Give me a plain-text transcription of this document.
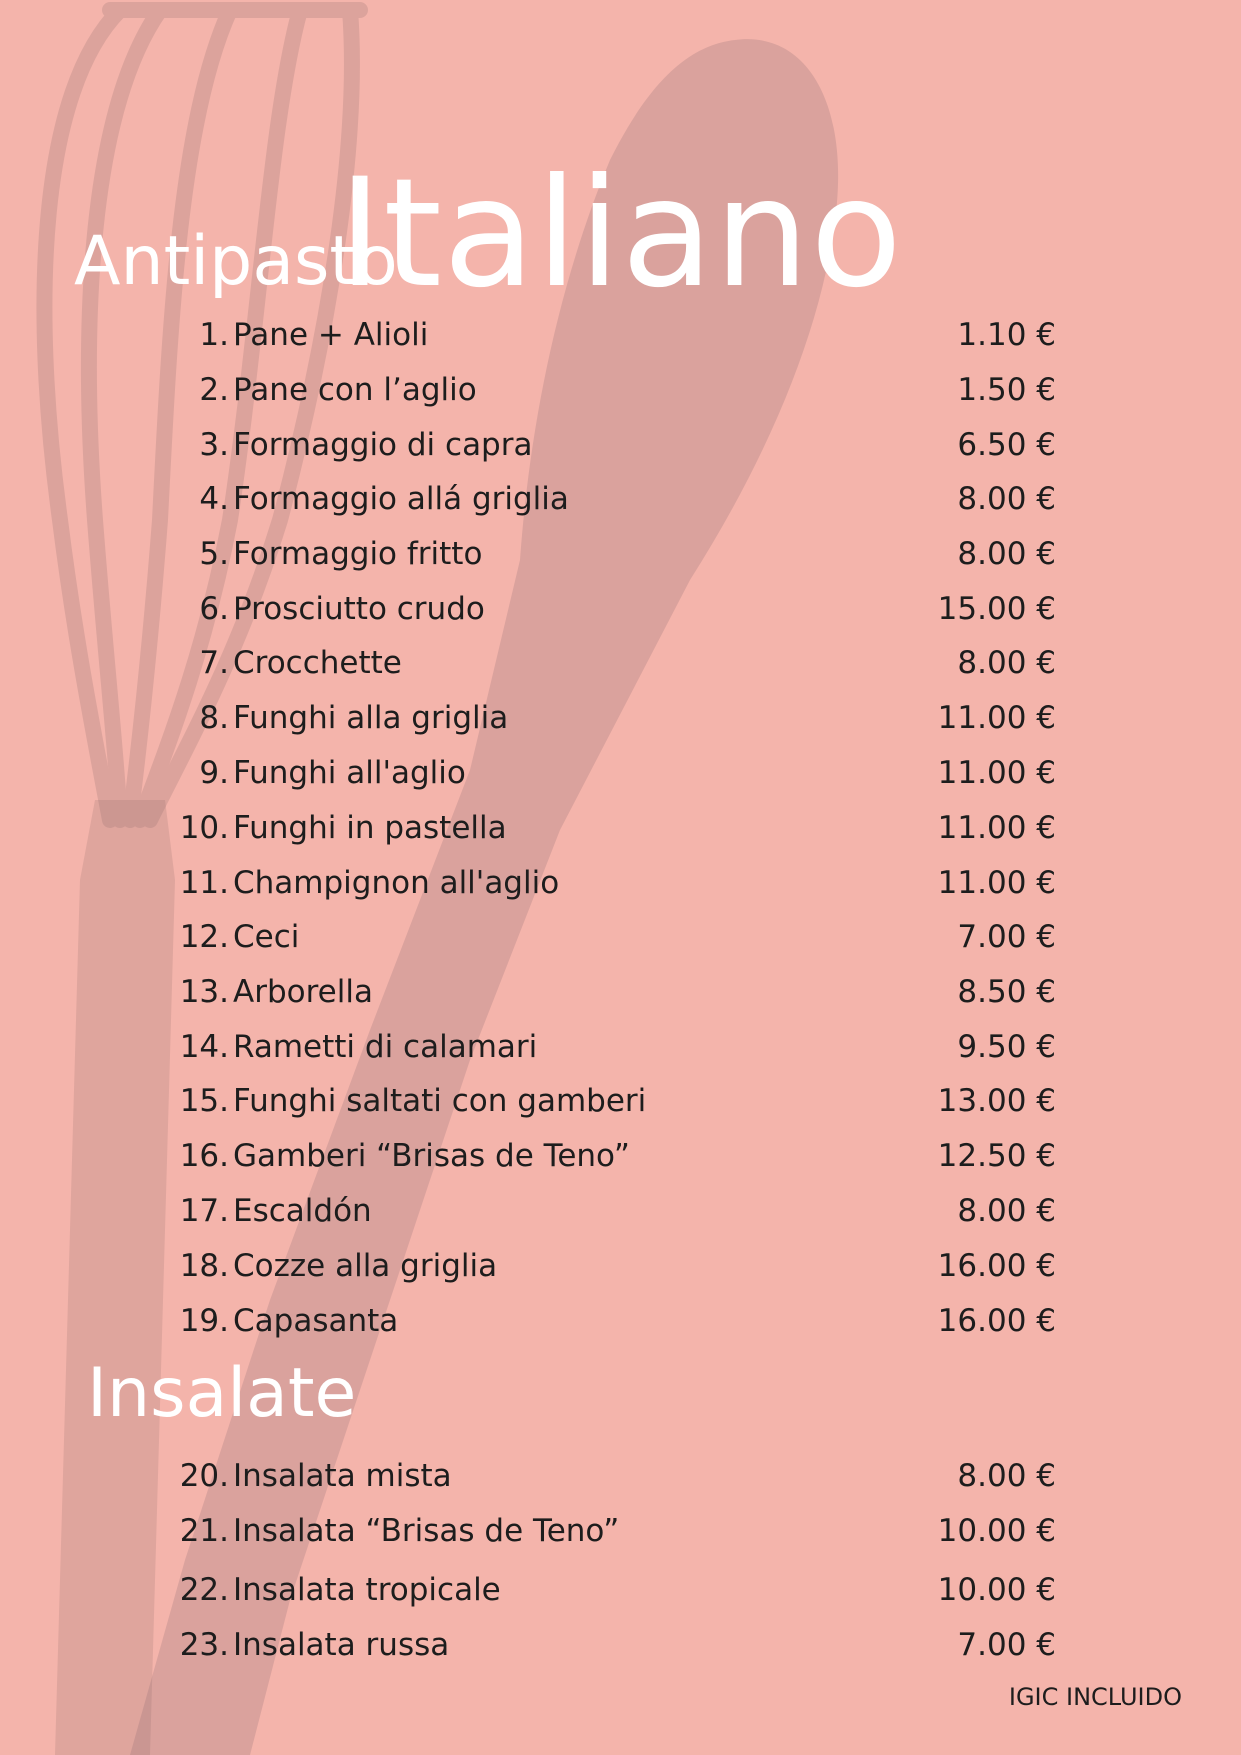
Italiano
Antipasto
1. Pane + Alioli	1.10 €
2. Pane con l’aglio	1.50 €
3. Formaggio di capra	6.50 €
4. Formaggio allá griglia	8.00 €
5. Formaggio fritto	8.00 €
6. Prosciutto crudo	15.00 €
7. Crocchette	8.00 €
8. Funghi alla griglia	11.00 €
9. Funghi all'aglio	11.00 €
10. Funghi in pastella	11.00 €
11. Champignon all'aglio	11.00 €
12. Ceci	7.00 €
13. Arborella	8.50 €
14. Rametti di calamari	9.50 €
15. Funghi saltati con gamberi	13.00 €
16. Gamberi “Brisas de Teno”	12.50 €
17. Escaldón	8.00 €
18. Cozze alla griglia	16.00 €
19. Capasanta	16.00 €
Insalate
20. Insalata mista	8.00 €
21. Insalata “Brisas de Teno”	10.00 €
22. Insalata tropicale	10.00 €
23. Insalata russa	7.00 €
IGIC INCLUIDO
